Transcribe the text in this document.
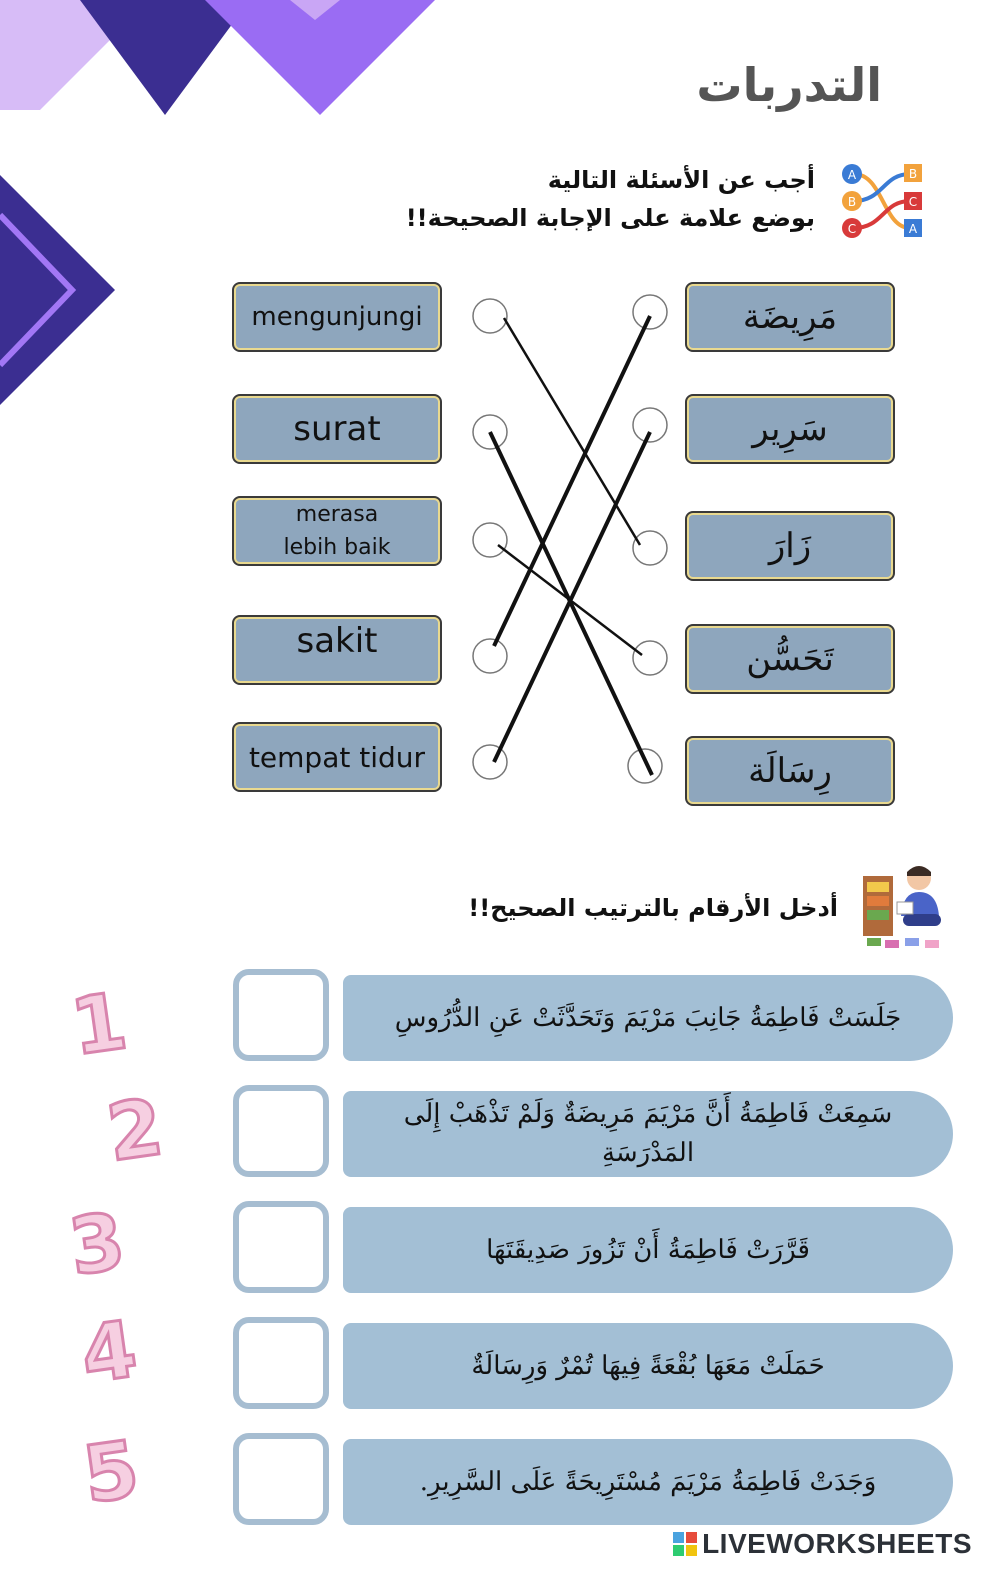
التدربات
A
B
C
B
C
A
أجب عن الأسئلة التالية
بوضع علامة على الإجابة الصحيحة!!
mengunjungi
surat
merasa lebih baik
sakit
tempat tidur
مَرِيضَة
سَرِير
زَارَ
تَحَسُّن
رِسَالَة
أدخل الأرقام بالترتيب الصحيح!!
1
2
3
4
5
جَلَسَتْ فَاطِمَةُ جَانِبَ مَرْيَمَ وَتَحَدَّثَتْ عَنِ الدُّرُوسِ
سَمِعَتْ فَاطِمَةُ أَنَّ مَرْيَمَ مَرِيضَةٌ وَلَمْ تَذْهَبْ إِلَى المَدْرَسَةِ
قَرَّرَتْ فَاطِمَةُ أَنْ تَزُورَ صَدِيقَتَهَا
حَمَلَتْ مَعَهَا بُقْعَةً فِيهَا تُمْرٌ وَرِسَالَةٌ
وَجَدَتْ فَاطِمَةُ مَرْيَمَ مُسْتَرِيحَةً عَلَى السَّرِيرِ.
LIVEWORKSHEETS
